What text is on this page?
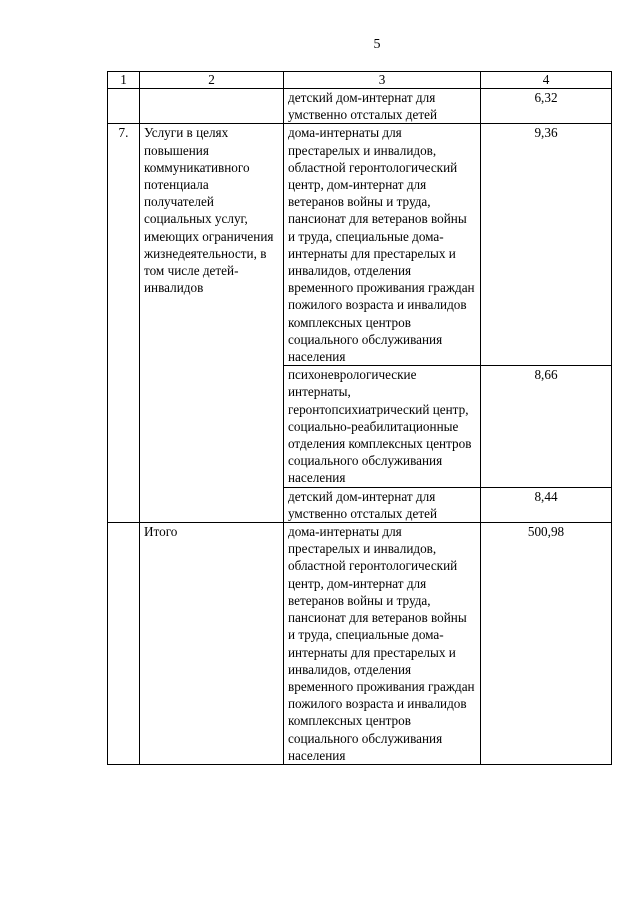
5
1	2	3	4
		детский дом-интернат для умственно отсталых детей	6,32
7.	Услуги в целях повышения коммуникативного потенциала получателей социальных услуг, имеющих ограничения жизнедеятельности, в том числе детей-инвалидов	дома-интернаты для престарелых и инвалидов, областной геронтологический центр, дом-интернат для ветеранов войны и труда, пансионат для ветеранов войны и труда, специальные дома-интернаты для престарелых и инвалидов, отделения временного проживания граждан пожилого возраста и инвалидов комплексных центров социального обслуживания населения	9,36
		психоневрологические интернаты, геронтопсихиатрический центр, социально-реабилитационные отделения комплексных центров социального обслуживания населения	8,66
		детский дом-интернат для умственно отсталых детей	8,44
	Итого	дома-интернаты для престарелых и инвалидов, областной геронтологический центр, дом-интернат для ветеранов войны и труда, пансионат для ветеранов войны и труда, специальные дома-интернаты для престарелых и инвалидов, отделения временного проживания граждан пожилого возраста и инвалидов комплексных центров социального обслуживания населения	500,98
